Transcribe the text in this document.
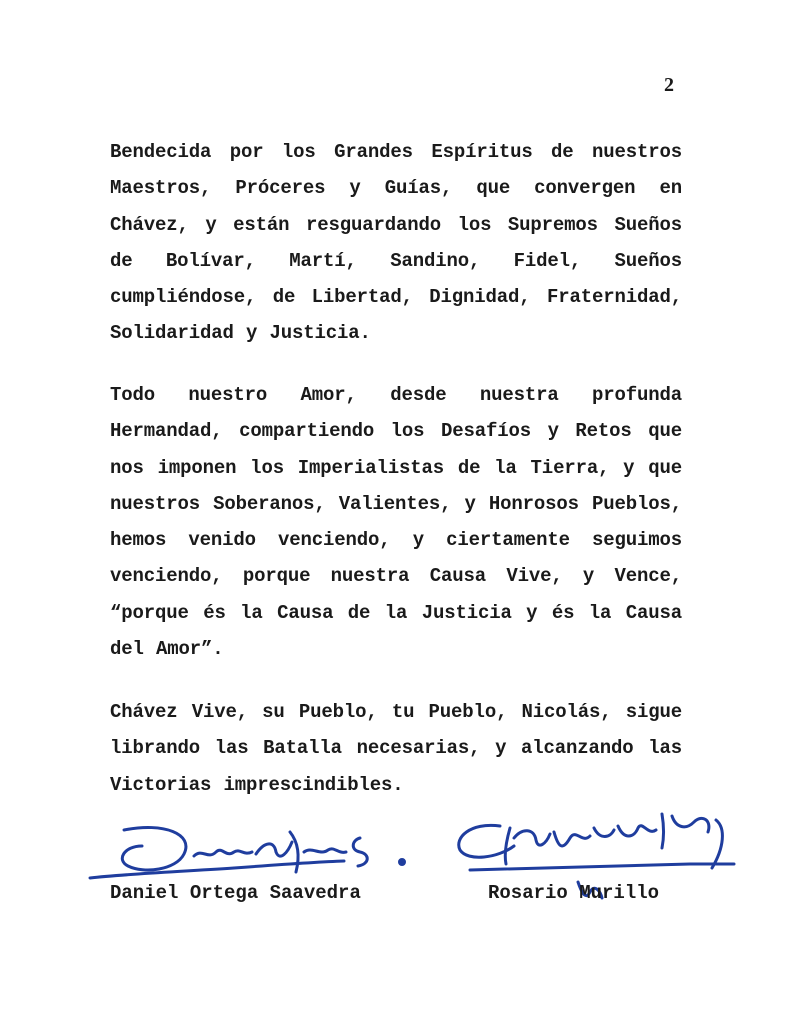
2

Bendecida por los Grandes Espíritus de nuestros Maestros, Próceres y Guías, que convergen en Chávez, y están resguardando los Supremos Sueños de Bolívar, Martí, Sandino, Fidel, Sueños cumpliéndose, de Libertad, Dignidad, Fraternidad, Solidaridad y Justicia.

Todo nuestro Amor, desde nuestra profunda Hermandad, compartiendo los Desafíos y Retos que nos imponen los Imperialistas de la Tierra, y que nuestros Soberanos, Valientes, y Honrosos Pueblos, hemos venido venciendo, y ciertamente seguimos venciendo, porque nuestra Causa Vive, y Vence, “porque és la Causa de la Justicia y és la Causa del Amor”.

Chávez Vive, su Pueblo, tu Pueblo, Nicolás, sigue librando las Batalla necesarias, y alcanzando las Victorias imprescindibles.

Daniel Ortega Saavedra	Rosario Murillo
